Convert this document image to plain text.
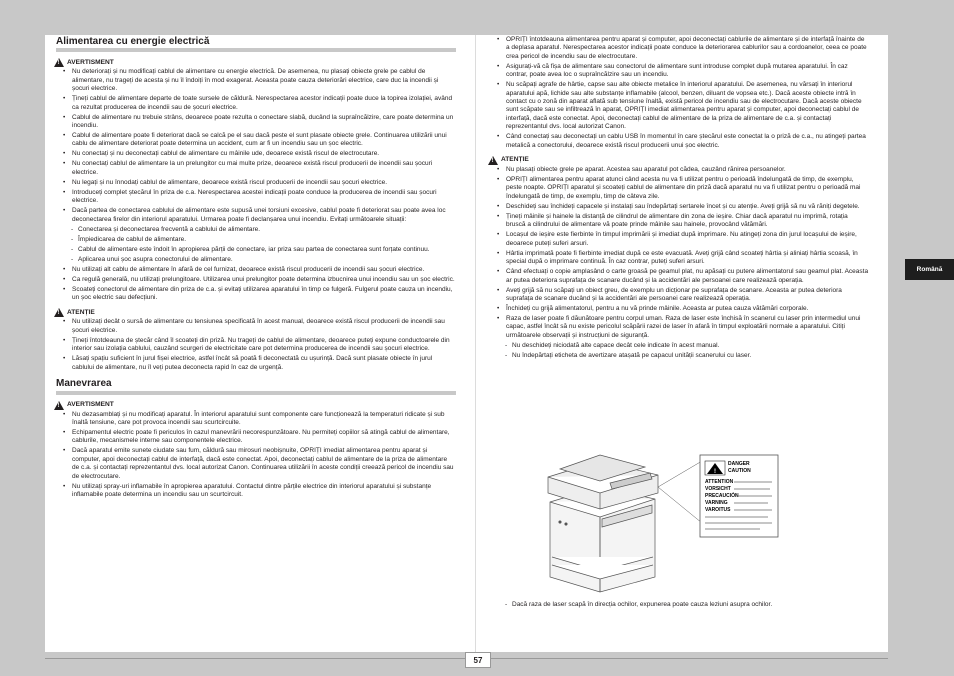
Alimentarea cu energie electrică
!
AVERTISMENT
• Nu deteriorați și nu modificați cablul de alimentare cu energie electrică. De asemenea, nu plasați obiecte grele pe cablul de alimentare, nu trageți de acesta și nu îl îndoiți în mod exagerat. Aceasta poate cauza deteriorări electrice, care duc la incendii și șocuri electrice.
• Țineți cablul de alimentare departe de toate sursele de căldură. Nerespectarea acestor indicații poate duce la topirea izolației, având ca rezultat producerea de incendii sau de șocuri electrice.
• Cablul de alimentare nu trebuie strâns, deoarece poate rezulta o conectare slabă, ducând la supraîncălzire, care poate determina un incendiu.
• Cablul de alimentare poate fi deteriorat dacă se calcă pe el sau dacă peste el sunt plasate obiecte grele. Continuarea utilizării unui cablu de alimentare deteriorat poate determina un accident, cum ar fi un incendiu sau un șoc electric.
• Nu conectați și nu deconectați cablul de alimentare cu mâinile ude, deoarece există riscul de electrocutare.
• Nu conectați cablul de alimentare la un prelungitor cu mai multe prize, deoarece există riscul producerii de incendii sau șocuri electrice.
• Nu legați și nu înnodați cablul de alimentare, deoarece există riscul producerii de incendii sau șocuri electrice.
• Introduceți complet ștecărul în priza de c.a. Nerespectarea acestei indicații poate conduce la producerea de incendii sau șocuri electrice.
• Dacă partea de conectarea cablului de alimentare este supusă unei torsiuni excesive, cablul poate fi deteriorat sau poate avea loc deconectarea firelor din interiorul aparatului. Urmarea poate fi declanșarea unui incendiu. Evitați următoarele situații:
- Conectarea și deconectarea frecventă a cablului de alimentare.
- Împiedicarea de cablul de alimentare.
- Cablul de alimentare este îndoit în apropierea părții de conectare, iar priza sau partea de conectarea sunt forțate continuu.
- Aplicarea unui șoc asupra conectorului de alimentare.
• Nu utilizați alt cablu de alimentare în afară de cel furnizat, deoarece există riscul producerii de incendii sau șocuri electrice.
• Ca regulă generală, nu utilizați prelungitoare. Utilizarea unui prelungitor poate determina izbucnirea unui incendiu sau un șoc electric.
• Scoateți conectorul de alimentare din priza de c.a. și evitați utilizarea aparatului în timp ce fulgeră. Fulgerul poate cauza un incendiu, un șoc electric sau defecțiuni.
!
ATENȚIE
• Nu utilizați decât o sursă de alimentare cu tensiunea specificată în acest manual, deoarece există riscul producerii de incendii sau șocuri electrice.
• Țineți întotdeauna de ștecăr când îl scoateți din priză. Nu trageți de cablul de alimentare, deoarece puteți expune conductoarele din interior sau izolația cablului, cauzând scurgeri de electricitate care pot determina producerea de incendii sau șocuri electrice.
• Lăsați spațiu suficient în jurul fișei electrice, astfel încât să poată fi deconectată cu ușurință. Dacă sunt plasate obiecte în jurul cablului de alimentare, nu îl veți putea deconecta rapid în caz de urgență.
Manevrarea
!
AVERTISMENT
• Nu dezasamblați și nu modificați aparatul. În interiorul aparatului sunt componente care funcționează la temperaturi ridicate și sub înaltă tensiune, care pot provoca incendii sau scurtcircuite.
• Echipamentul electric poate fi periculos în cazul manevrării necorespunzătoare. Nu permiteți copiilor să atingă cablul de alimentare, cablurile, mecanismele interne sau componentele electrice.
• Dacă aparatul emite sunete ciudate sau fum, căldură sau mirosuri neobișnuite, OPRIȚI imediat alimentarea pentru aparat și computer, apoi deconectați cablul de interfață, dacă este conectat. Apoi, deconectați cablul de alimentare de la priza de alimentare de c.a. și contactați reprezentantul dvs. local autorizat Canon. Continuarea utilizării în aceste condiții creează pericol de incendiu sau de electrocutare.
• Nu utilizați spray-uri inflamabile în apropierea aparatului. Contactul dintre părțile electrice din interiorul aparatului și substanțe inflamabile poate determina un incendiu sau un scurtcircuit.
• OPRIȚI întotdeauna alimentarea pentru aparat și computer, apoi deconectați cablurile de alimentare și de interfață înainte de a deplasa aparatul. Nerespectarea acestor indicații poate conduce la deteriorarea cablurilor sau a cordoanelor, ceea ce poate crea pericol de incendiu sau de electrocutare.
• Asigurați-vă că fișa de alimentare sau conectorul de alimentare sunt introduse complet după mutarea aparatului. În caz contrar, poate avea loc o supraîncălzire sau un incendiu.
• Nu scăpați agrafe de hârtie, capse sau alte obiecte metalice în interiorul aparatului. De asemenea, nu vărsați în interiorul aparatului apă, lichide sau alte substanțe inflamabile (alcool, benzen, diluant de vopsea etc.). Dacă aceste obiecte intră în contact cu o zonă din aparat aflată sub tensiune înaltă, există pericol de incendiu sau de electrocutare. Dacă aceste obiecte sunt scăpate sau se infiltrează în aparat, OPRIȚI imediat alimentarea pentru aparat și computer, apoi deconectați cablul de interfață, dacă este conectat. Apoi, deconectați cablul de alimentare de la priza de alimentare de c.a. și contactați reprezentantul dvs. local autorizat Canon.
• Când conectați sau deconectați un cablu USB în momentul în care ștecărul este conectat la o priză de c.a., nu atingeți partea metalică a conectorului, deoarece există riscul producerii unui șoc electric.
!
ATENȚIE
• Nu plasați obiecte grele pe aparat. Acestea sau aparatul pot cădea, cauzând rănirea persoanelor.
• OPRIȚI alimentarea pentru aparat atunci când acesta nu va fi utilizat pentru o perioadă îndelungată de timp, de exemplu, peste noapte. OPRIȚI aparatul și scoateți cablul de alimentare din priză dacă aparatul nu va fi utilizat pentru o perioadă mai îndelungată de timp, de exemplu, timp de câteva zile.
• Deschideți sau închideți capacele și instalați sau îndepărtați sertarele încet și cu atenție. Aveți grijă să nu vă răniți degetele.
• Țineți mâinile și hainele la distanță de cilindrul de alimentare din zona de ieșire. Chiar dacă aparatul nu imprimă, rotația bruscă a cilindrului de alimentare vă poate prinde mâinile sau hainele, provocând vătămări.
• Locașul de ieșire este fierbinte în timpul imprimării și imediat după imprimare. Nu atingeți zona din jurul locașului de ieșire, deoarece puteți suferi arsuri.
• Hârtia imprimată poate fi fierbinte imediat după ce este evacuată. Aveți grijă când scoateți hârtia și aliniați hârtia scoasă, în special după o imprimare continuă. În caz contrar, puteți suferi arsuri.
• Când efectuați o copie amplasând o carte groasă pe geamul plat, nu apăsați cu putere alimentatorul sau geamul plat. Aceasta ar putea deteriora suprafața de scanare ducând și la accidentări ale persoanei care realizează operația.
• Aveți grijă să nu scăpați un obiect greu, de exemplu un dicționar pe suprafața de scanare. Aceasta ar putea deteriora suprafața de scanare ducând și la accidentări ale persoanei care realizează operația.
• Închideți cu grijă alimentatorul, pentru a nu vă prinde mâinile. Aceasta ar putea cauza vătămări corporale.
• Raza de laser poate fi dăunătoare pentru corpul uman. Raza de laser este închisă în scanerul cu laser prin intermediul unui capac, astfel încât să nu existe pericolul scăpării razei de laser în afară în timpul exploatării normale a aparatului. Citiți următoarele observații și instrucțiuni de siguranță.
- Nu deschideți niciodată alte capace decât cele indicate în acest manual.
- Nu îndepărtați eticheta de avertizare atașată pe capacul unității scanerului cu laser.
!
DANGER
CAUTION
ATTENTION
VORSICHT
PRECAUCIÓN
VARNING
VAROITUS
- Dacă raza de laser scapă în direcția ochilor, expunerea poate cauza leziuni asupra ochilor.
Română
57
